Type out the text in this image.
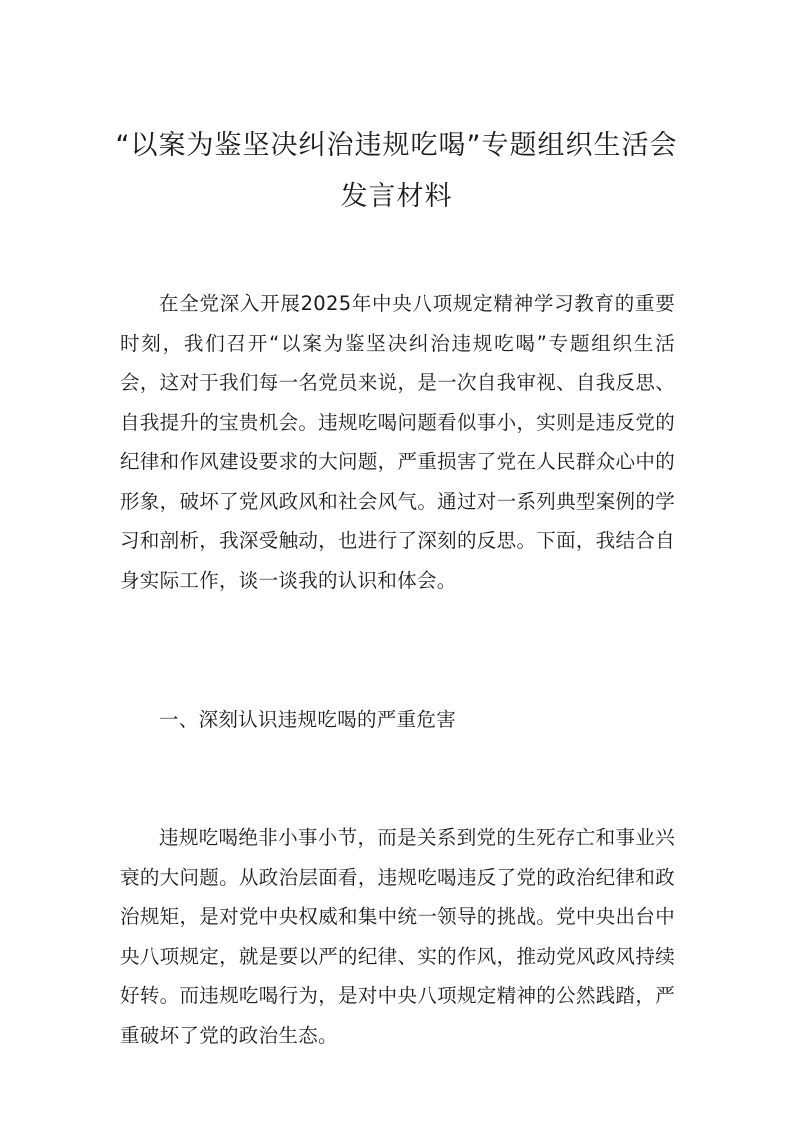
“以案为鉴坚决纠治违规吃喝”专题组织生活会发言材料

在全党深入开展2025年中央八项规定精神学习教育的重要时刻，我们召开“以案为鉴坚决纠治违规吃喝”专题组织生活会，这对于我们每一名党员来说，是一次自我审视、自我反思、自我提升的宝贵机会。违规吃喝问题看似事小，实则是违反党的纪律和作风建设要求的大问题，严重损害了党在人民群众心中的形象，破坏了党风政风和社会风气。通过对一系列典型案例的学习和剖析，我深受触动，也进行了深刻的反思。下面，我结合自身实际工作，谈一谈我的认识和体会。

一、深刻认识违规吃喝的严重危害

违规吃喝绝非小事小节，而是关系到党的生死存亡和事业兴衰的大问题。从政治层面看，违规吃喝违反了党的政治纪律和政治规矩，是对党中央权威和集中统一领导的挑战。党中央出台中央八项规定，就是要以严的纪律、实的作风，推动党风政风持续好转。而违规吃喝行为，是对中央八项规定精神的公然践踏，严重破坏了党的政治生态。
